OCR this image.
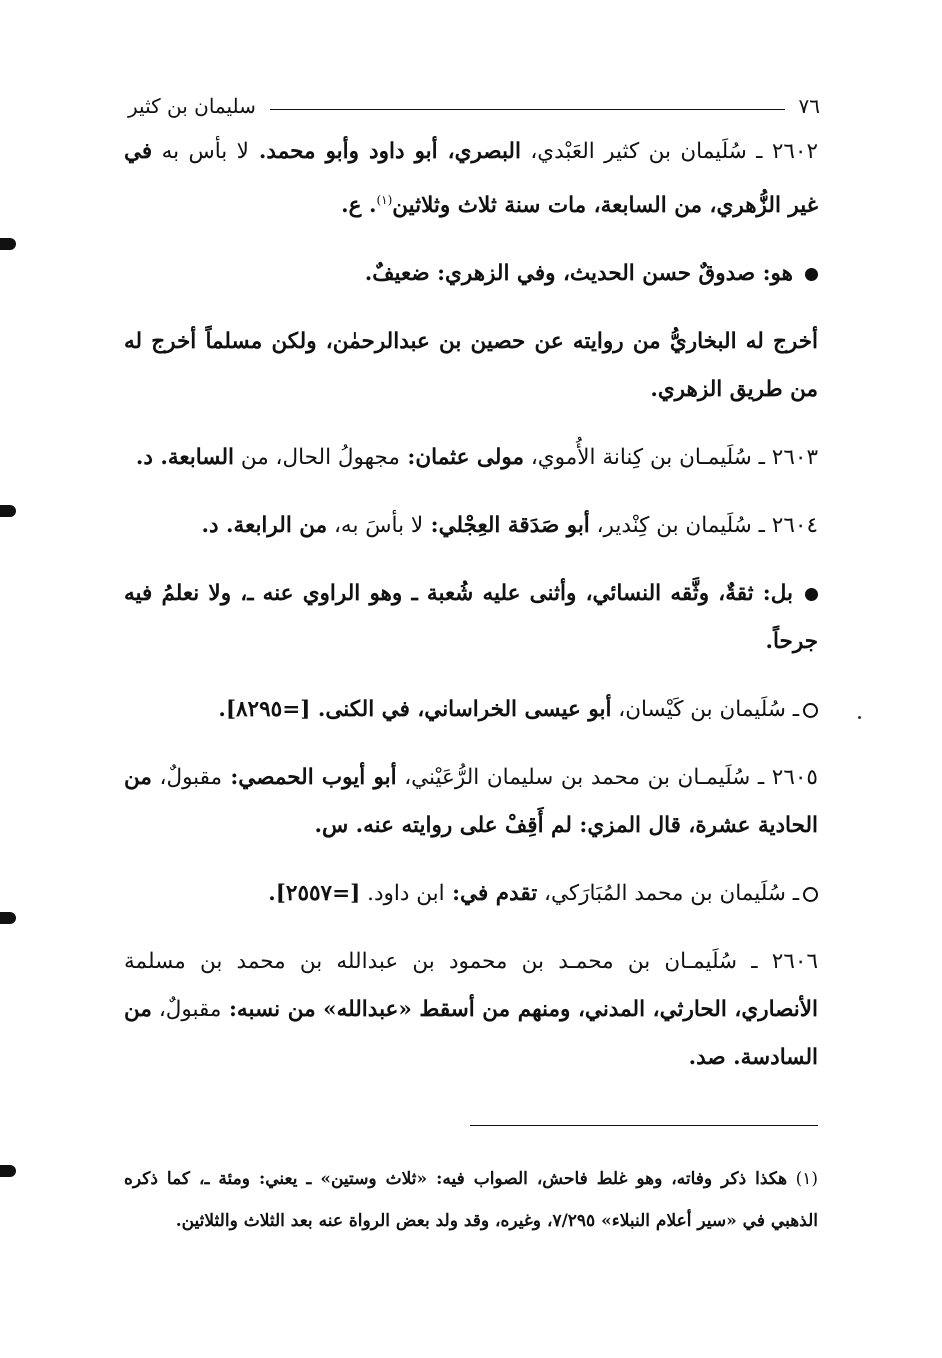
٧٦
سليمان بن كثير

٢٦٠٢ ـ سُلَيمان بن كثير العَبْدي، البصري، أبو داود وأبو محمد. لا بأس به في غير الزُّهري، من السابعة، مات سنة ثلاث وثلاثين$^{(١)}$. ع.

هو: صدوقٌ حسن الحديث، وفي الزهري: ضعيفٌ.

أخرج له البخاريُّ من روايته عن حصين بن عبدالرحمٰن، ولكن مسلماً أخرج له من طريق الزهري.

٢٦٠٣ ـ سُلَيمـان بن كِنانة الأُموي، مولى عثمان: مجهولُ الحال، من السابعة. د.

٢٦٠٤ ـ سُلَيمان بن كِنْدير، أبو صَدَقة العِجْلي: لا بأسَ به، من الرابعة. د.

بل: ثقةٌ، وثَّقه النسائي، وأثنى عليه شُعبة ـ وهو الراوي عنه ـ، ولا نعلمُ فيه جرحاً.

ـ سُلَيمان بن كَيْسان، أبو عيسى الخراساني، في الكنى. [=٨٢٩٥].

٢٦٠٥ ـ سُلَيمـان بن محمد بن سليمان الرُّعَيْني، أبو أيوب الحمصي: مقبولٌ، من الحادية عشرة، قال المزي: لم أَقِفْ على روايته عنه. س.

ـ سُلَيمان بن محمد المُبَارَكي، تقدم في: ابن داود. [=٢٥٥٧].

٢٦٠٦ ـ سُلَيمـان بن محمـد بن محمود بن عبدالله بن محمد بن مسلمة الأنصاري، الحارثي، المدني، ومنهم من أسقط «عبدالله» من نسبه: مقبولٌ، من السادسة. صد.

(١) هكذا ذكر وفاته، وهو غلط فاحش، الصواب فيه: «ثلاث وستين» ـ يعني: ومئة ـ، كما ذكره الذهبي في «سير أعلام النبلاء» ٧/٢٩٥، وغيره، وقد ولد بعض الرواة عنه بعد الثلاث والثلاثين.
